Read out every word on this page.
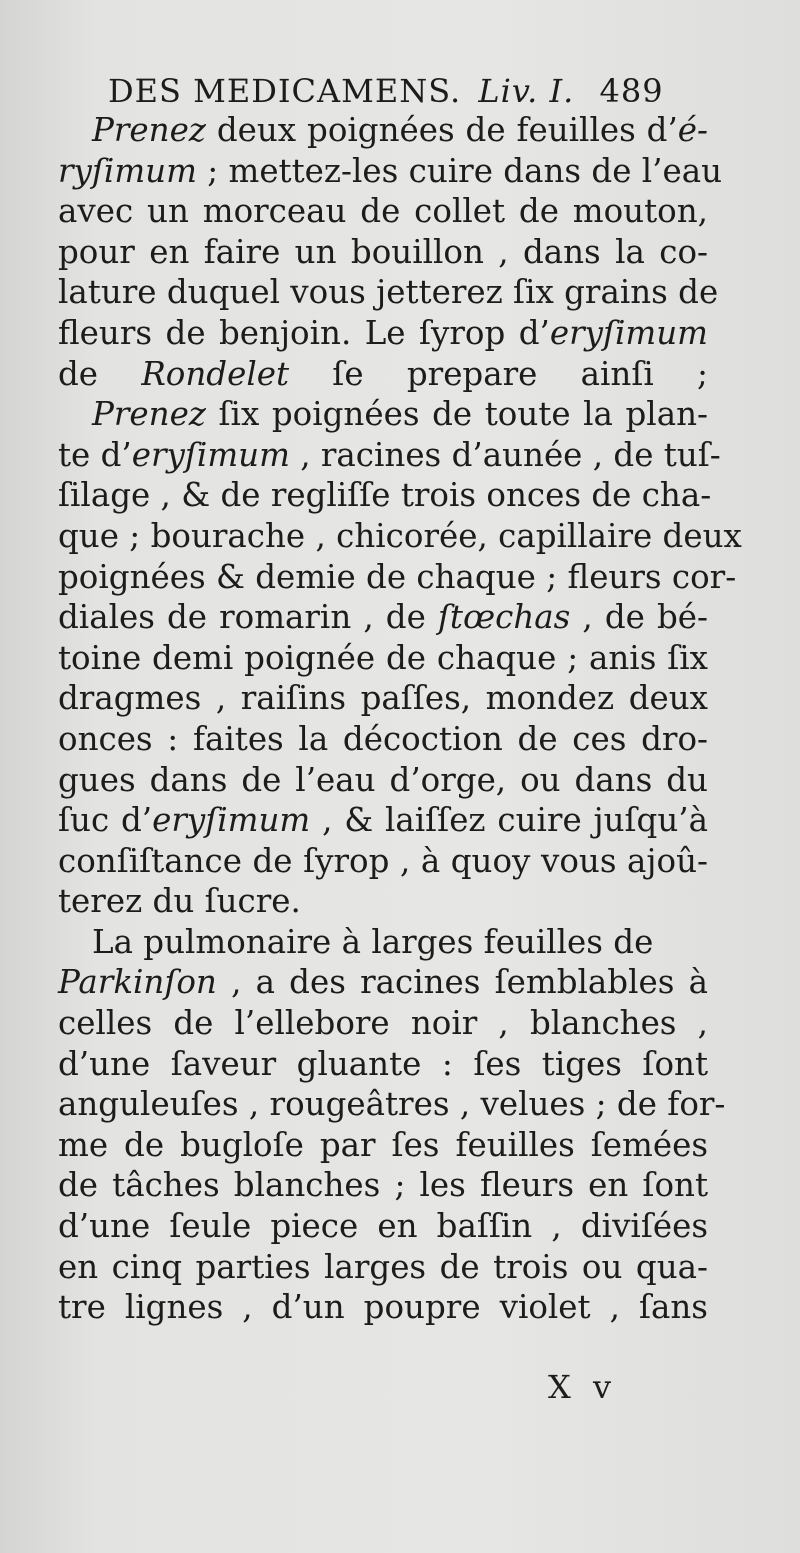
DES MEDICAMENS. Liv. I. 489
Prenez deux poignées de feuilles d’é-
ryſimum ; mettez-les cuire dans de l’eau
avec un morceau de collet de mouton,
pour en faire un bouillon , dans la co-
lature duquel vous jetterez ſix grains de
fleurs de benjoin. Le ſyrop d’eryſimum
de Rondelet ſe prepare ainſi ;
Prenez ſix poignées de toute la plan-
te d’eryſimum , racines d’aunée , de tuſ-
ſilage , & de regliſſe trois onces de cha-
que ; bourache , chicorée, capillaire deux
poignées & demie de chaque ; fleurs cor-
diales de romarin , de ſtœchas , de bé-
toine demi poignée de chaque ; anis ſix
dragmes , raiſins paſſes, mondez deux
onces : faites la décoction de ces dro-
gues dans de l’eau d’orge, ou dans du
ſuc d’eryſimum , & laiſſez cuire juſqu’à
conſiſtance de ſyrop , à quoy vous ajoû-
terez du ſucre.
La pulmonaire à larges feuilles de
Parkinſon , a des racines ſemblables à
celles de l’ellebore noir , blanches ,
d’une ſaveur gluante : ſes tiges ſont
anguleuſes , rougeâtres , velues ; de for-
me de bugloſe par ſes feuilles ſemées
de tâches blanches ; les fleurs en ſont
d’une ſeule piece en baſſin , diviſées
en cinq parties larges de trois ou qua-
tre lignes , d’un poupre violet , ſans
X v
